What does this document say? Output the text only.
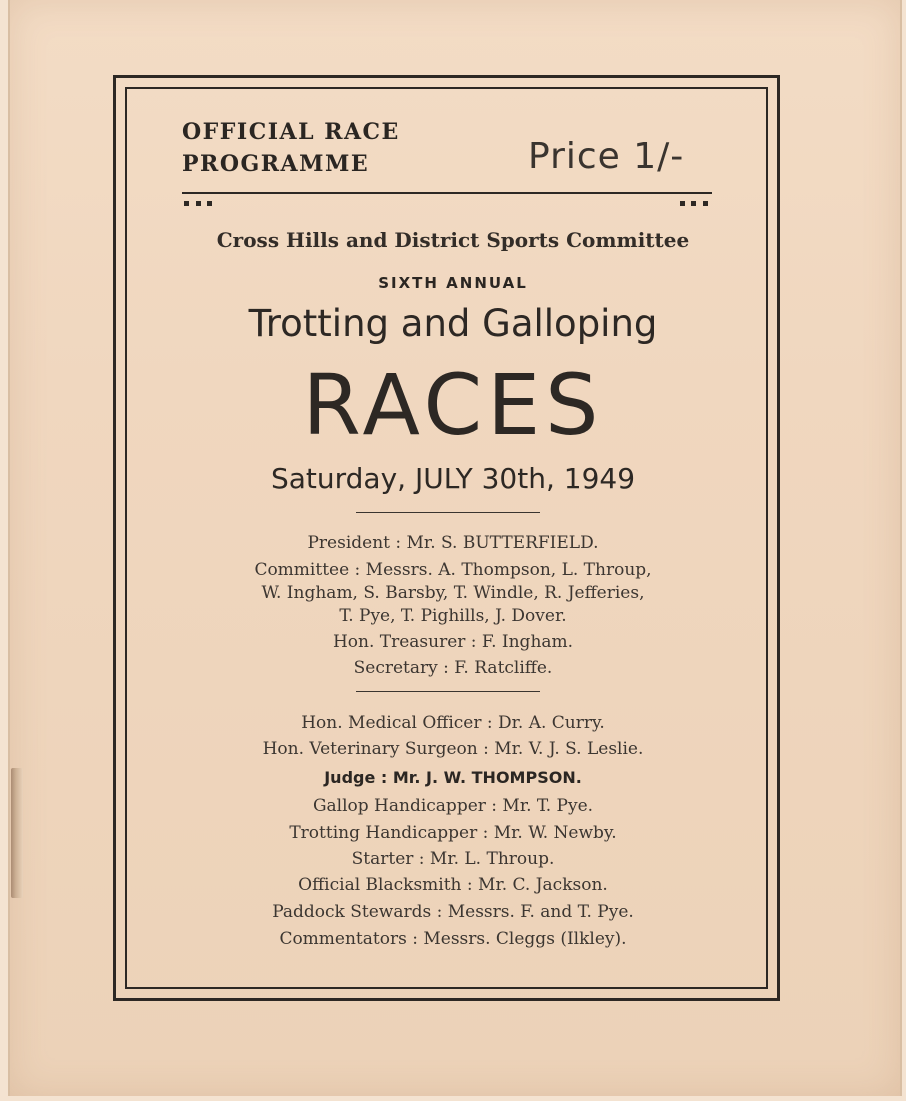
OFFICIAL RACE
PROGRAMME	Price 1/-
Cross Hills and District Sports Committee
SIXTH ANNUAL
Trotting and Galloping
RACES
Saturday, JULY 30th, 1949
President : Mr. S. BUTTERFIELD.
Committee : Messrs. A. Thompson, L. Throup,
W. Ingham, S. Barsby, T. Windle, R. Jefferies,
T. Pye, T. Pighills, J. Dover.
Hon. Treasurer : F. Ingham.
Secretary : F. Ratcliffe.
Hon. Medical Officer : Dr. A. Curry.
Hon. Veterinary Surgeon : Mr. V. J. S. Leslie.
Judge : Mr. J. W. THOMPSON.
Gallop Handicapper : Mr. T. Pye.
Trotting Handicapper : Mr. W. Newby.
Starter : Mr. L. Throup.
Official Blacksmith : Mr. C. Jackson.
Paddock Stewards : Messrs. F. and T. Pye.
Commentators : Messrs. Cleggs (Ilkley).
